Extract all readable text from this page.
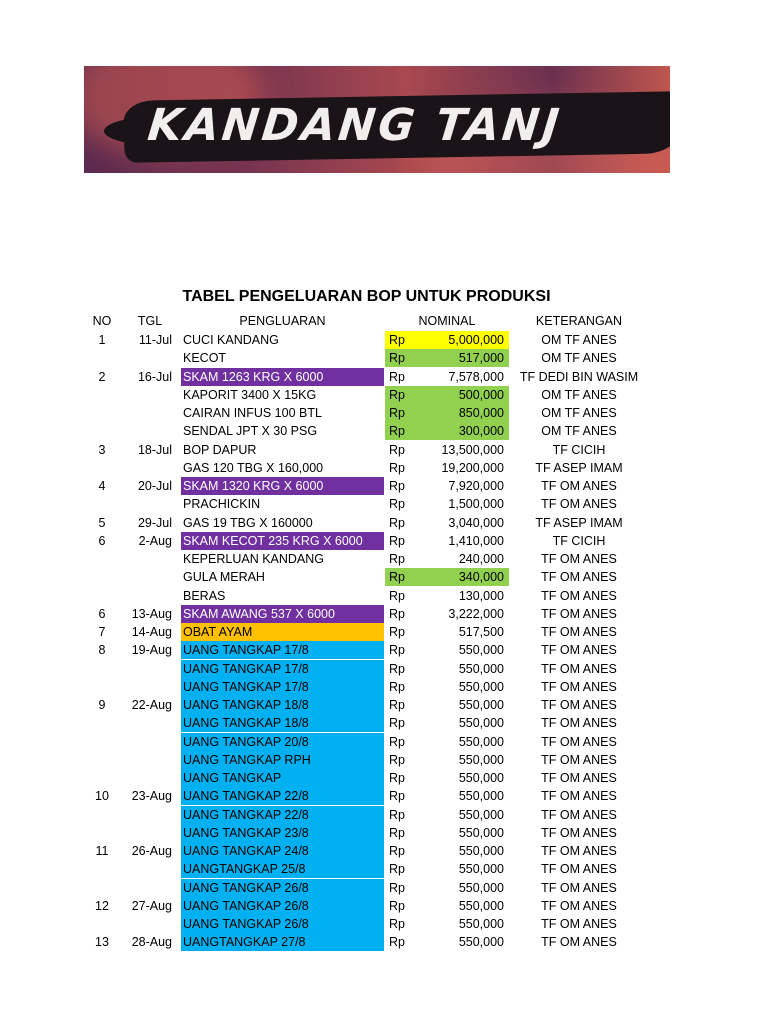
KANDANG TANJ
TABEL PENGELUARAN BOP UNTUK PRODUKSI
NO	TGL	PENGLUARAN	NOMINAL	KETERANGAN
1	11-Jul CUCI KANDANG	Rp	5,000,000	OM TF ANES
KECOT	Rp	517,000	OM TF ANES
2	16-Jul SKAM 1263 KRG X 6000	Rp	7,578,000	TF DEDI BIN WASIM
KAPORIT 3400 X 15KG	Rp	500,000	OM TF ANES
CAIRAN INFUS 100 BTL	Rp	850,000	OM TF ANES
SENDAL JPT X 30 PSG	Rp	300,000	OM TF ANES
3	18-Jul BOP DAPUR	Rp	13,500,000	TF CICIH
GAS 120 TBG X 160,000	Rp	19,200,000	TF ASEP IMAM
4	20-Jul SKAM 1320 KRG X 6000	Rp	7,920,000	TF OM ANES
PRACHICKIN	Rp	1,500,000	TF OM ANES
5	29-Jul GAS 19 TBG X 160000	Rp	3,040,000	TF ASEP IMAM
6	2-Aug SKAM KECOT 235 KRG X 6000	Rp	1,410,000	TF CICIH
KEPERLUAN KANDANG	Rp	240,000	TF OM ANES
GULA MERAH	Rp	340,000	TF OM ANES
BERAS	Rp	130,000	TF OM ANES
6	13-Aug SKAM AWANG 537 X 6000	Rp	3,222,000	TF OM ANES
7	14-Aug OBAT AYAM	Rp	517,500	TF OM ANES
8	19-Aug UANG TANGKAP 17/8	Rp	550,000	TF OM ANES
UANG TANGKAP 17/8	Rp	550,000	TF OM ANES
UANG TANGKAP 17/8	Rp	550,000	TF OM ANES
9	22-Aug UANG TANGKAP 18/8	Rp	550,000	TF OM ANES
UANG TANGKAP 18/8	Rp	550,000	TF OM ANES
UANG TANGKAP 20/8	Rp	550,000	TF OM ANES
UANG TANGKAP RPH	Rp	550,000	TF OM ANES
UANG TANGKAP	Rp	550,000	TF OM ANES
10	23-Aug UANG TANGKAP 22/8	Rp	550,000	TF OM ANES
UANG TANGKAP 22/8	Rp	550,000	TF OM ANES
UANG TANGKAP 23/8	Rp	550,000	TF OM ANES
11	26-Aug UANG TANGKAP 24/8	Rp	550,000	TF OM ANES
UANGTANGKAP 25/8	Rp	550,000	TF OM ANES
UANG TANGKAP 26/8	Rp	550,000	TF OM ANES
12	27-Aug UANG TANGKAP 26/8	Rp	550,000	TF OM ANES
UANG TANGKAP 26/8	Rp	550,000	TF OM ANES
13	28-Aug UANGTANGKAP 27/8	Rp	550,000	TF OM ANES
